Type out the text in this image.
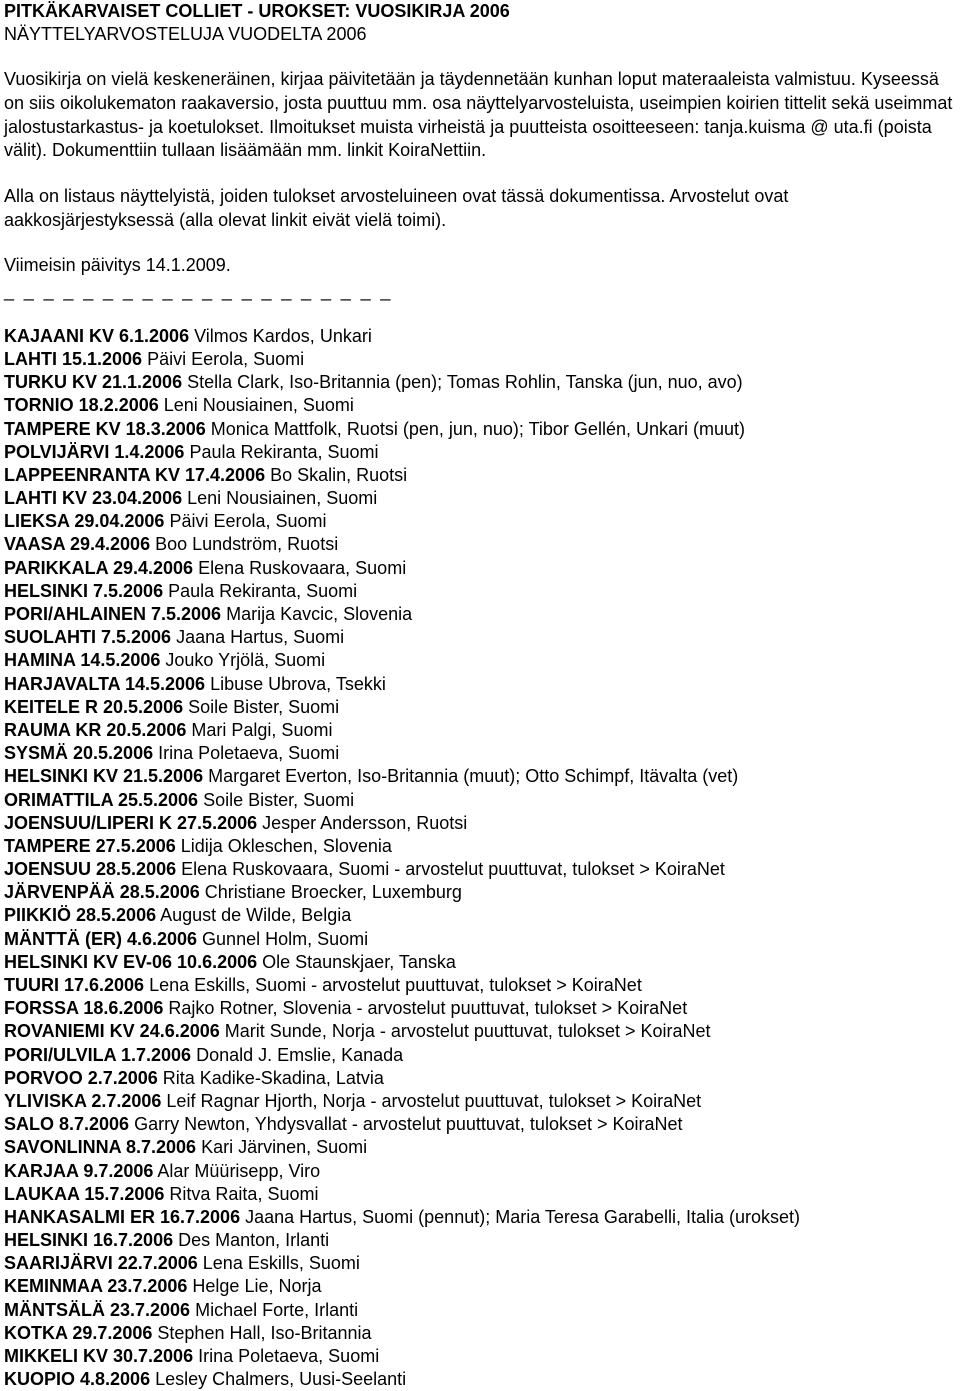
PITKÄKARVAISET COLLIET - UROKSET: VUOSIKIRJA 2006
NÄYTTELYARVOSTELUJA VUODELTA 2006
Vuosikirja on vielä keskeneräinen, kirjaa päivitetään ja täydennetään kunhan loput materaaleista valmistuu. Kyseessä on siis oikolukematon raakaversio, josta puuttuu mm. osa näyttelyarvosteluista, useimpien koirien tittelit sekä useimmat jalostustarkastus- ja koetulokset. Ilmoitukset muista virheistä ja puutteista osoitteeseen: tanja.kuisma @ uta.fi (poista välit). Dokumenttiin tullaan lisäämään mm. linkit KoiraNettiin.
Alla on listaus näyttelyistä, joiden tulokset arvosteluineen ovat tässä dokumentissa. Arvostelut ovat aakkosjärjestyksessä (alla olevat linkit eivät vielä toimi).
Viimeisin päivitys 14.1.2009.
_ _ _ _ _ _ _ _ _ _ _ _ _ _ _ _ _ _ _ _
KAJAANI KV 6.1.2006 Vilmos Kardos, Unkari
LAHTI 15.1.2006 Päivi Eerola, Suomi
TURKU KV 21.1.2006 Stella Clark, Iso-Britannia (pen); Tomas Rohlin, Tanska (jun, nuo, avo)
TORNIO 18.2.2006 Leni Nousiainen, Suomi
TAMPERE KV 18.3.2006 Monica Mattfolk, Ruotsi (pen, jun, nuo); Tibor Gellén, Unkari (muut)
POLVIJÄRVI 1.4.2006 Paula Rekiranta, Suomi
LAPPEENRANTA KV 17.4.2006 Bo Skalin, Ruotsi
LAHTI KV 23.04.2006 Leni Nousiainen, Suomi
LIEKSA 29.04.2006 Päivi Eerola, Suomi
VAASA 29.4.2006 Boo Lundström, Ruotsi
PARIKKALA 29.4.2006 Elena Ruskovaara, Suomi
HELSINKI 7.5.2006 Paula Rekiranta, Suomi
PORI/AHLAINEN 7.5.2006 Marija Kavcic, Slovenia
SUOLAHTI 7.5.2006 Jaana Hartus, Suomi
HAMINA 14.5.2006 Jouko Yrjölä, Suomi
HARJAVALTA 14.5.2006 Libuse Ubrova, Tsekki
KEITELE R 20.5.2006 Soile Bister, Suomi
RAUMA KR 20.5.2006 Mari Palgi, Suomi
SYSMÄ 20.5.2006 Irina Poletaeva, Suomi
HELSINKI KV 21.5.2006 Margaret Everton, Iso-Britannia (muut); Otto Schimpf, Itävalta (vet)
ORIMATTILA 25.5.2006 Soile Bister, Suomi
JOENSUU/LIPERI K 27.5.2006 Jesper Andersson, Ruotsi
TAMPERE 27.5.2006 Lidija Okleschen, Slovenia
JOENSUU 28.5.2006 Elena Ruskovaara, Suomi - arvostelut puuttuvat, tulokset > KoiraNet
JÄRVENPÄÄ 28.5.2006 Christiane Broecker, Luxemburg
PIIKKIÖ 28.5.2006 August de Wilde, Belgia
MÄNTTÄ (ER) 4.6.2006 Gunnel Holm, Suomi
HELSINKI KV EV-06 10.6.2006 Ole Staunskjaer, Tanska
TUURI 17.6.2006 Lena Eskills, Suomi - arvostelut puuttuvat, tulokset > KoiraNet
FORSSA 18.6.2006 Rajko Rotner, Slovenia - arvostelut puuttuvat, tulokset > KoiraNet
ROVANIEMI KV 24.6.2006 Marit Sunde, Norja - arvostelut puuttuvat, tulokset > KoiraNet
PORI/ULVILA 1.7.2006 Donald J. Emslie, Kanada
PORVOO 2.7.2006 Rita Kadike-Skadina, Latvia
YLIVISKA 2.7.2006 Leif Ragnar Hjorth, Norja - arvostelut puuttuvat, tulokset > KoiraNet
SALO 8.7.2006 Garry Newton, Yhdysvallat - arvostelut puuttuvat, tulokset > KoiraNet
SAVONLINNA 8.7.2006 Kari Järvinen, Suomi
KARJAA 9.7.2006 Alar Müürisepp, Viro
LAUKAA 15.7.2006 Ritva Raita, Suomi
HANKASALMI ER 16.7.2006 Jaana Hartus, Suomi (pennut); Maria Teresa Garabelli, Italia (urokset)
HELSINKI 16.7.2006 Des Manton, Irlanti
SAARIJÄRVI 22.7.2006 Lena Eskills, Suomi
KEMINMAA 23.7.2006 Helge Lie, Norja
MÄNTSÄLÄ 23.7.2006 Michael Forte, Irlanti
KOTKA 29.7.2006 Stephen Hall, Iso-Britannia
MIKKELI KV 30.7.2006 Irina Poletaeva, Suomi
KUOPIO 4.8.2006 Lesley Chalmers, Uusi-Seelanti
